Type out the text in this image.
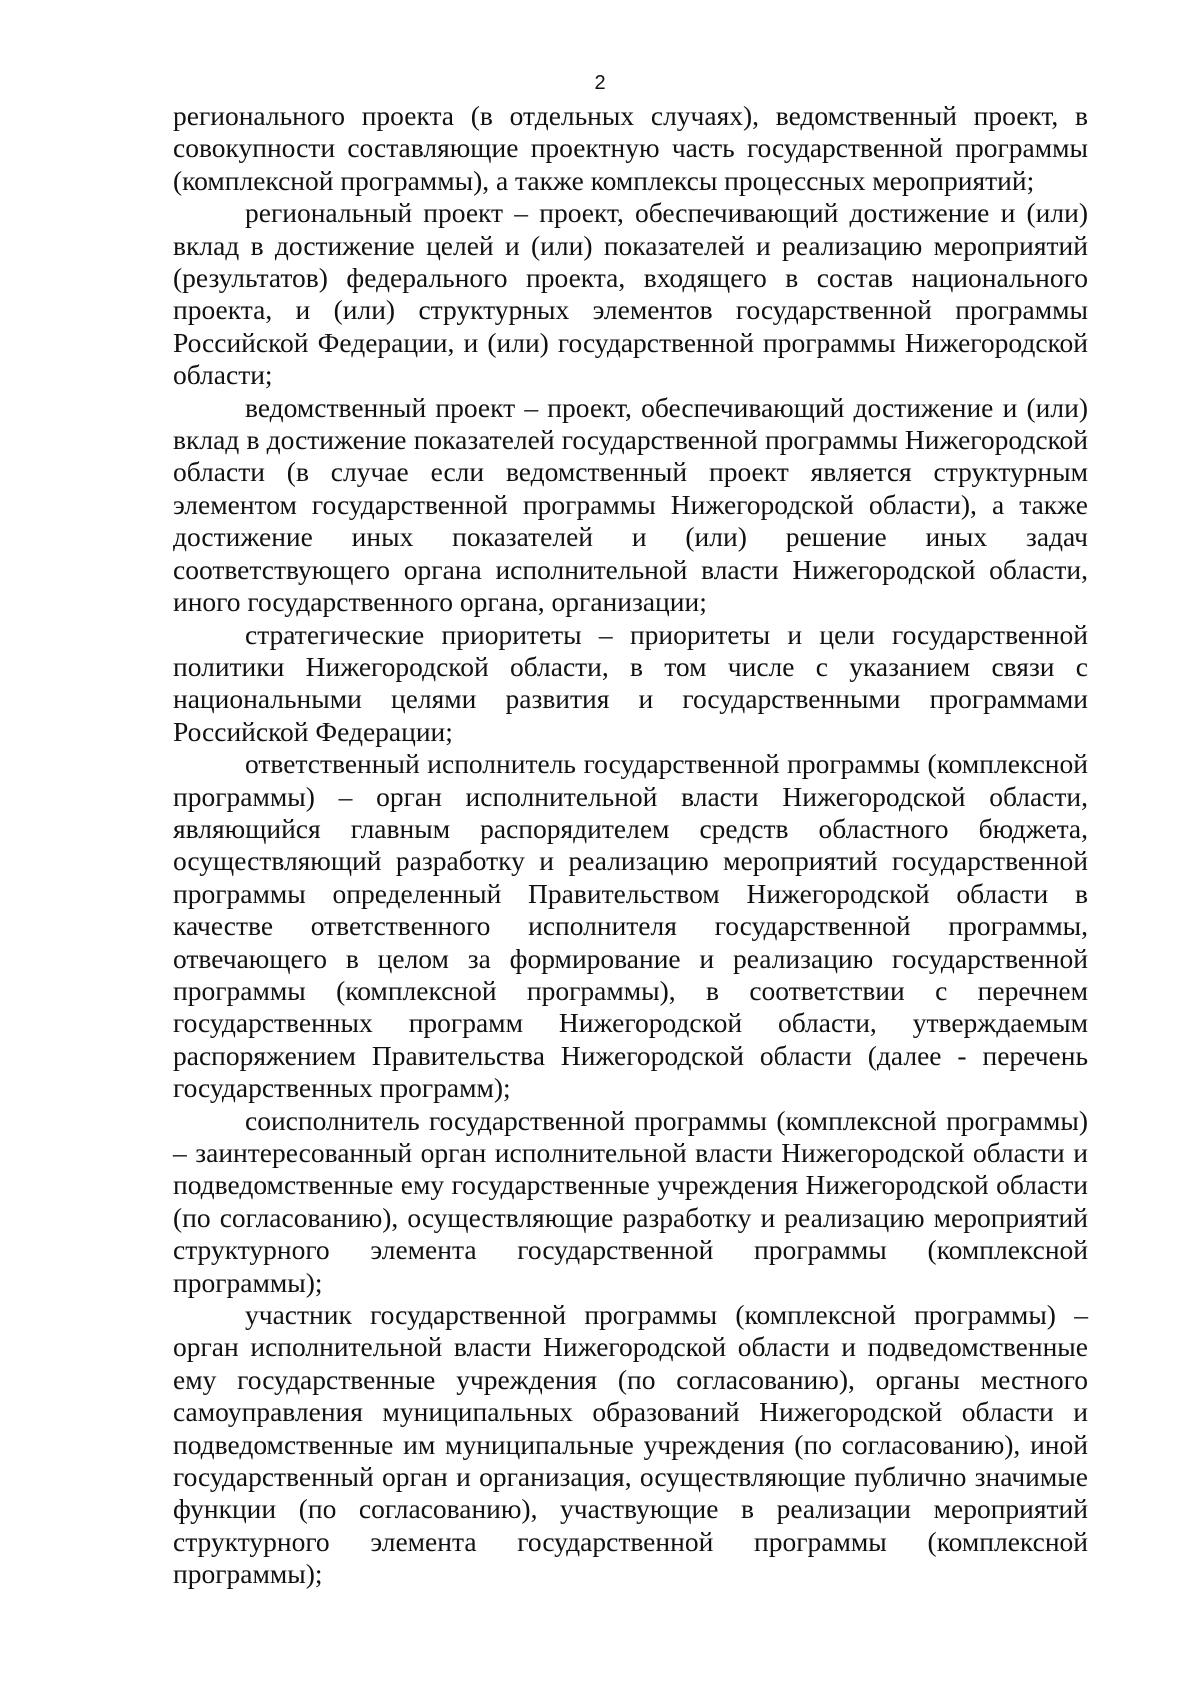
2

регионального проекта (в отдельных случаях), ведомственный проект, в совокупности составляющие проектную часть государственной программы (комплексной программы), а также комплексы процессных мероприятий;

региональный проект – проект, обеспечивающий достижение и (или) вклад в достижение целей и (или) показателей и реализацию мероприятий (результатов) федерального проекта, входящего в состав национального проекта, и (или) структурных элементов государственной программы Российской Федерации, и (или) государственной программы Нижегородской области;

ведомственный проект – проект, обеспечивающий достижение и (или) вклад в достижение показателей государственной программы Нижегородской области (в случае если ведомственный проект является структурным элементом государственной программы Нижегородской области), а также достижение иных показателей и (или) решение иных задач соответствующего органа исполнительной власти Нижегородской области, иного государственного органа, организации;

стратегические приоритеты – приоритеты и цели государственной политики Нижегородской области, в том числе с указанием связи с национальными целями развития и государственными программами Российской Федерации;

ответственный исполнитель государственной программы (комплексной программы) – орган исполнительной власти Нижегородской области, являющийся главным распорядителем средств областного бюджета, осуществляющий разработку и реализацию мероприятий государственной программы определенный Правительством Нижегородской области в качестве ответственного исполнителя государственной программы, отвечающего в целом за формирование и реализацию государственной программы (комплексной программы), в соответствии с перечнем государственных программ Нижегородской области, утверждаемым распоряжением Правительства Нижегородской области (далее - перечень государственных программ);

соисполнитель государственной программы (комплексной программы) – заинтересованный орган исполнительной власти Нижегородской области и подведомственные ему государственные учреждения Нижегородской области (по согласованию), осуществляющие разработку и реализацию мероприятий структурного элемента государственной программы (комплексной программы);

участник государственной программы (комплексной программы) – орган исполнительной власти Нижегородской области и подведомственные ему государственные учреждения (по согласованию), органы местного самоуправления муниципальных образований Нижегородской области и подведомственные им муниципальные учреждения (по согласованию), иной государственный орган и организация, осуществляющие публично значимые функции (по согласованию), участвующие в реализации мероприятий структурного элемента государственной программы (комплексной программы);
